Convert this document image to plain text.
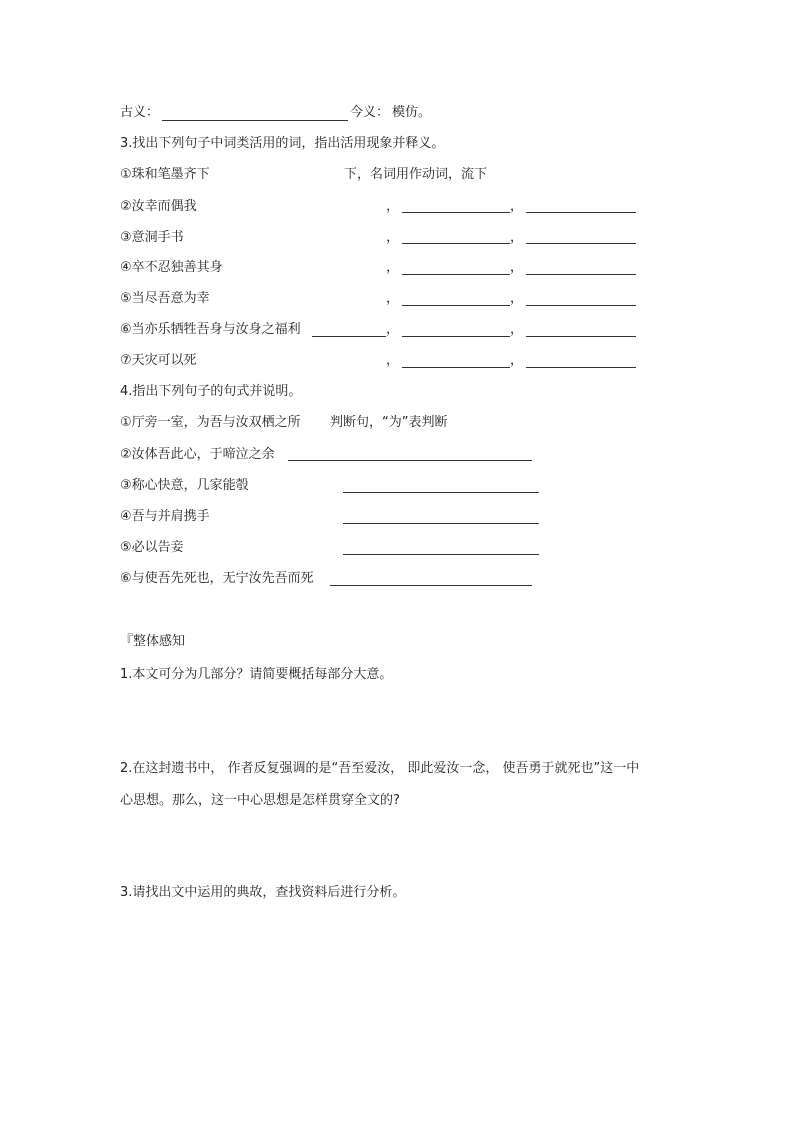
古义：	今义： 模仿。
3.找出下列句子中词类活用的词，指出活用现象并释义。
①珠和笔墨齐下	下，名词用作动词，流下
②汝幸而偶我	，	，
③意洞手书	，	，
④卒不忍独善其身	，	，
⑤当尽吾意为幸	，	，
⑥当亦乐牺牲吾身与汝身之福利	，	，
⑦天灾可以死	，	，
4.指出下列句子的句式并说明。
①厅旁一室，为吾与汝双栖之所 判断句，“为”表判断
②汝体吾此心，于啼泣之余
③称心快意，几家能彀
④吾与并肩携手
⑤必以告妾
⑥与使吾先死也，无宁汝先吾而死
『整体感知
1.本文可分为几部分？请简要概括每部分大意。
2.在这封遗书中， 作者反复强调的是“吾至爱汝， 即此爱汝一念， 使吾勇于就死也”这一中
心思想。那么，这一中心思想是怎样贯穿全文的?
3.请找出文中运用的典故，查找资料后进行分析。
